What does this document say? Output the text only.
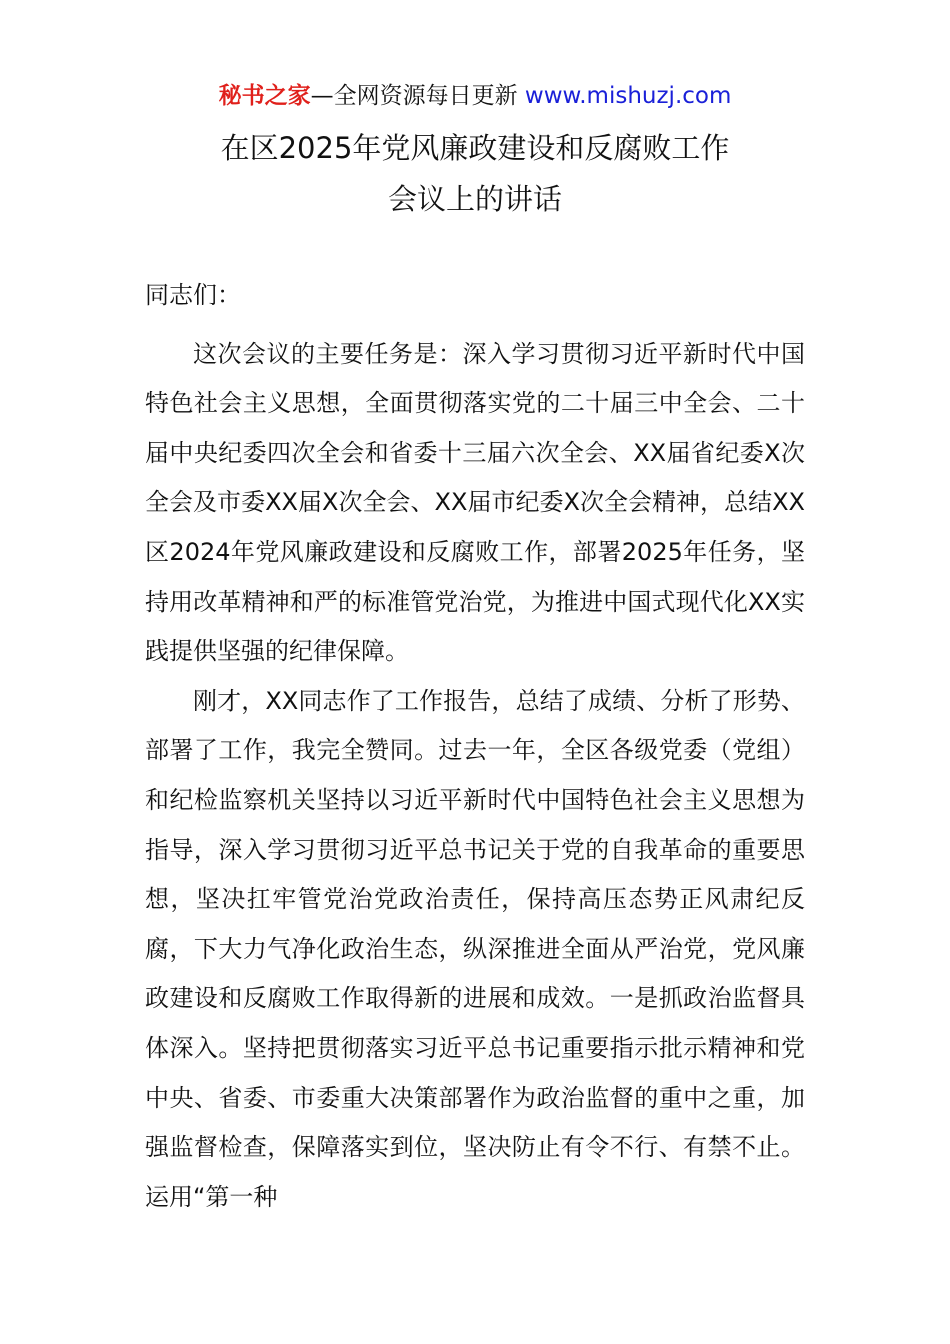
秘书之家—全网资源每日更新 www.mishuzj.com
在区2025年党风廉政建设和反腐败工作
会议上的讲话

同志们：

这次会议的主要任务是：深入学习贯彻习近平新时代中国特色社会主义思想，全面贯彻落实党的二十届三中全会、二十届中央纪委四次全会和省委十三届六次全会、XX届省纪委X次全会及市委XX届X次全会、XX届市纪委X次全会精神，总结XX区2024年党风廉政建设和反腐败工作，部署2025年任务，坚持用改革精神和严的标准管党治党，为推进中国式现代化XX实践提供坚强的纪律保障。

刚才，XX同志作了工作报告，总结了成绩、分析了形势、部署了工作，我完全赞同。过去一年，全区各级党委（党组）和纪检监察机关坚持以习近平新时代中国特色社会主义思想为指导，深入学习贯彻习近平总书记关于党的自我革命的重要思想，坚决扛牢管党治党政治责任，保持高压态势正风肃纪反腐，下大力气净化政治生态，纵深推进全面从严治党，党风廉政建设和反腐败工作取得新的进展和成效。一是抓政治监督具体深入。坚持把贯彻落实习近平总书记重要指示批示精神和党中央、省委、市委重大决策部署作为政治监督的重中之重，加强监督检查，保障落实到位，坚决防止有令不行、有禁不止。运用“第一种
